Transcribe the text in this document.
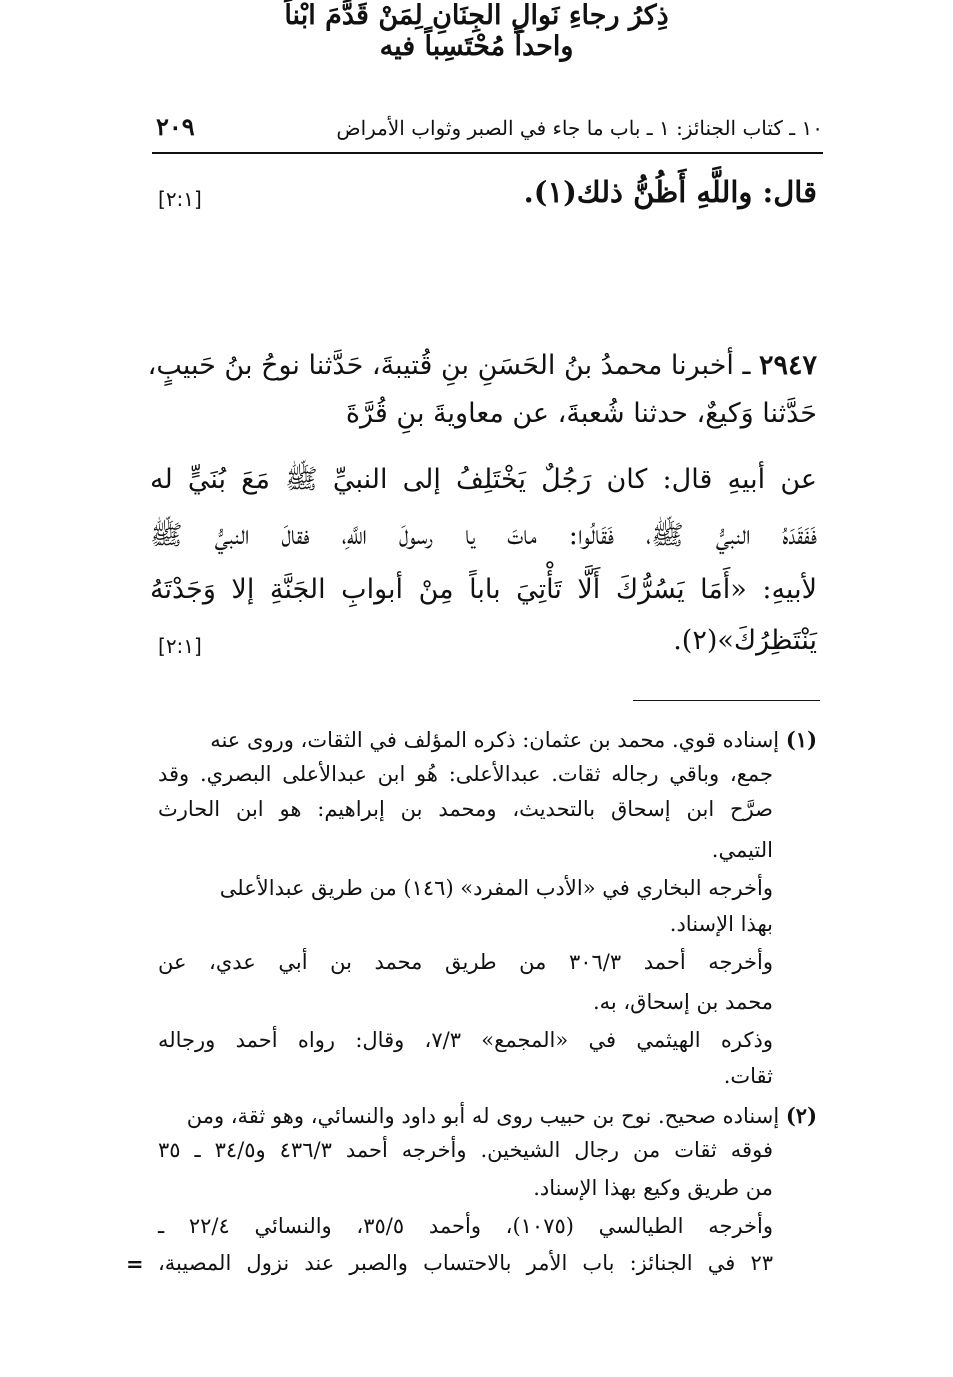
١٠ ـ كتاب الجنائز: ١ ـ باب ما جاء في الصبر وثواب الأمراض
٢٠٩
قال: واللَّهِ أَظُنُّ ذلك(١).
[٢:١]
ذِكرُ رجاءِ نَوالِ الجِنَانِ لِمَنْ قَدَّمَ ابْناً
واحداً مُحْتَسِباً فيه
٢٩٤٧ ـ أخبرنا محمدُ بنُ الحَسَنِ بنِ قُتيبةَ، حَدَّثنا نوحُ بنُ حَبيبٍ،
حَدَّثنا وَكيعٌ، حدثنا شُعبةَ، عن معاويةَ بنِ قُرَّةَ
عن أبيهِ قال: كان رَجُلٌ يَخْتَلِفُ إلى النبيِّ ﷺ مَعَ بُنَيٍّ له
فَفَقَدَهُ النبيُّ ﷺ، فَقَالُوا: ماتَ يا رسولَ اللَّهِ، فقالَ النبيُّ ﷺ
لأبيهِ: «أَمَا يَسُرُّكَ أَلَّا تَأْتِيَ باباً مِنْ أبوابِ الجَنَّةِ إلا وَجَدْتَهُ
يَنْتَظِرُكَ»(٢).
[٢:١]
(١) إسناده قوي. محمد بن عثمان: ذكره المؤلف في الثقات، وروى عنه
جمع، وباقي رجاله ثقات. عبدالأعلى: هُو ابن عبدالأعلى البصري. وقد
صرَّح ابن إسحاق بالتحديث، ومحمد بن إبراهيم: هو ابن الحارث
التيمي.
وأخرجه البخاري في «الأدب المفرد» (١٤٦) من طريق عبدالأعلى
بهذا الإسناد.
وأخرجه أحمد ٣٠٦/٣ من طريق محمد بن أبي عدي، عن
محمد بن إسحاق، به.
وذكره الهيثمي في «المجمع» ٧/٣، وقال: رواه أحمد ورجاله
ثقات.
(٢) إسناده صحيح. نوح بن حبيب روى له أبو داود والنسائي، وهو ثقة، ومن
فوقه ثقات من رجال الشيخين. وأخرجه أحمد ٤٣٦/٣ و٣٤/٥ ـ ٣٥
من طريق وكيع بهذا الإسناد.
وأخرجه الطيالسي (١٠٧٥)، وأحمد ٣٥/٥، والنسائي ٢٢/٤ ـ
٢٣ في الجنائز: باب الأمر بالاحتساب والصبر عند نزول المصيبة،
=
